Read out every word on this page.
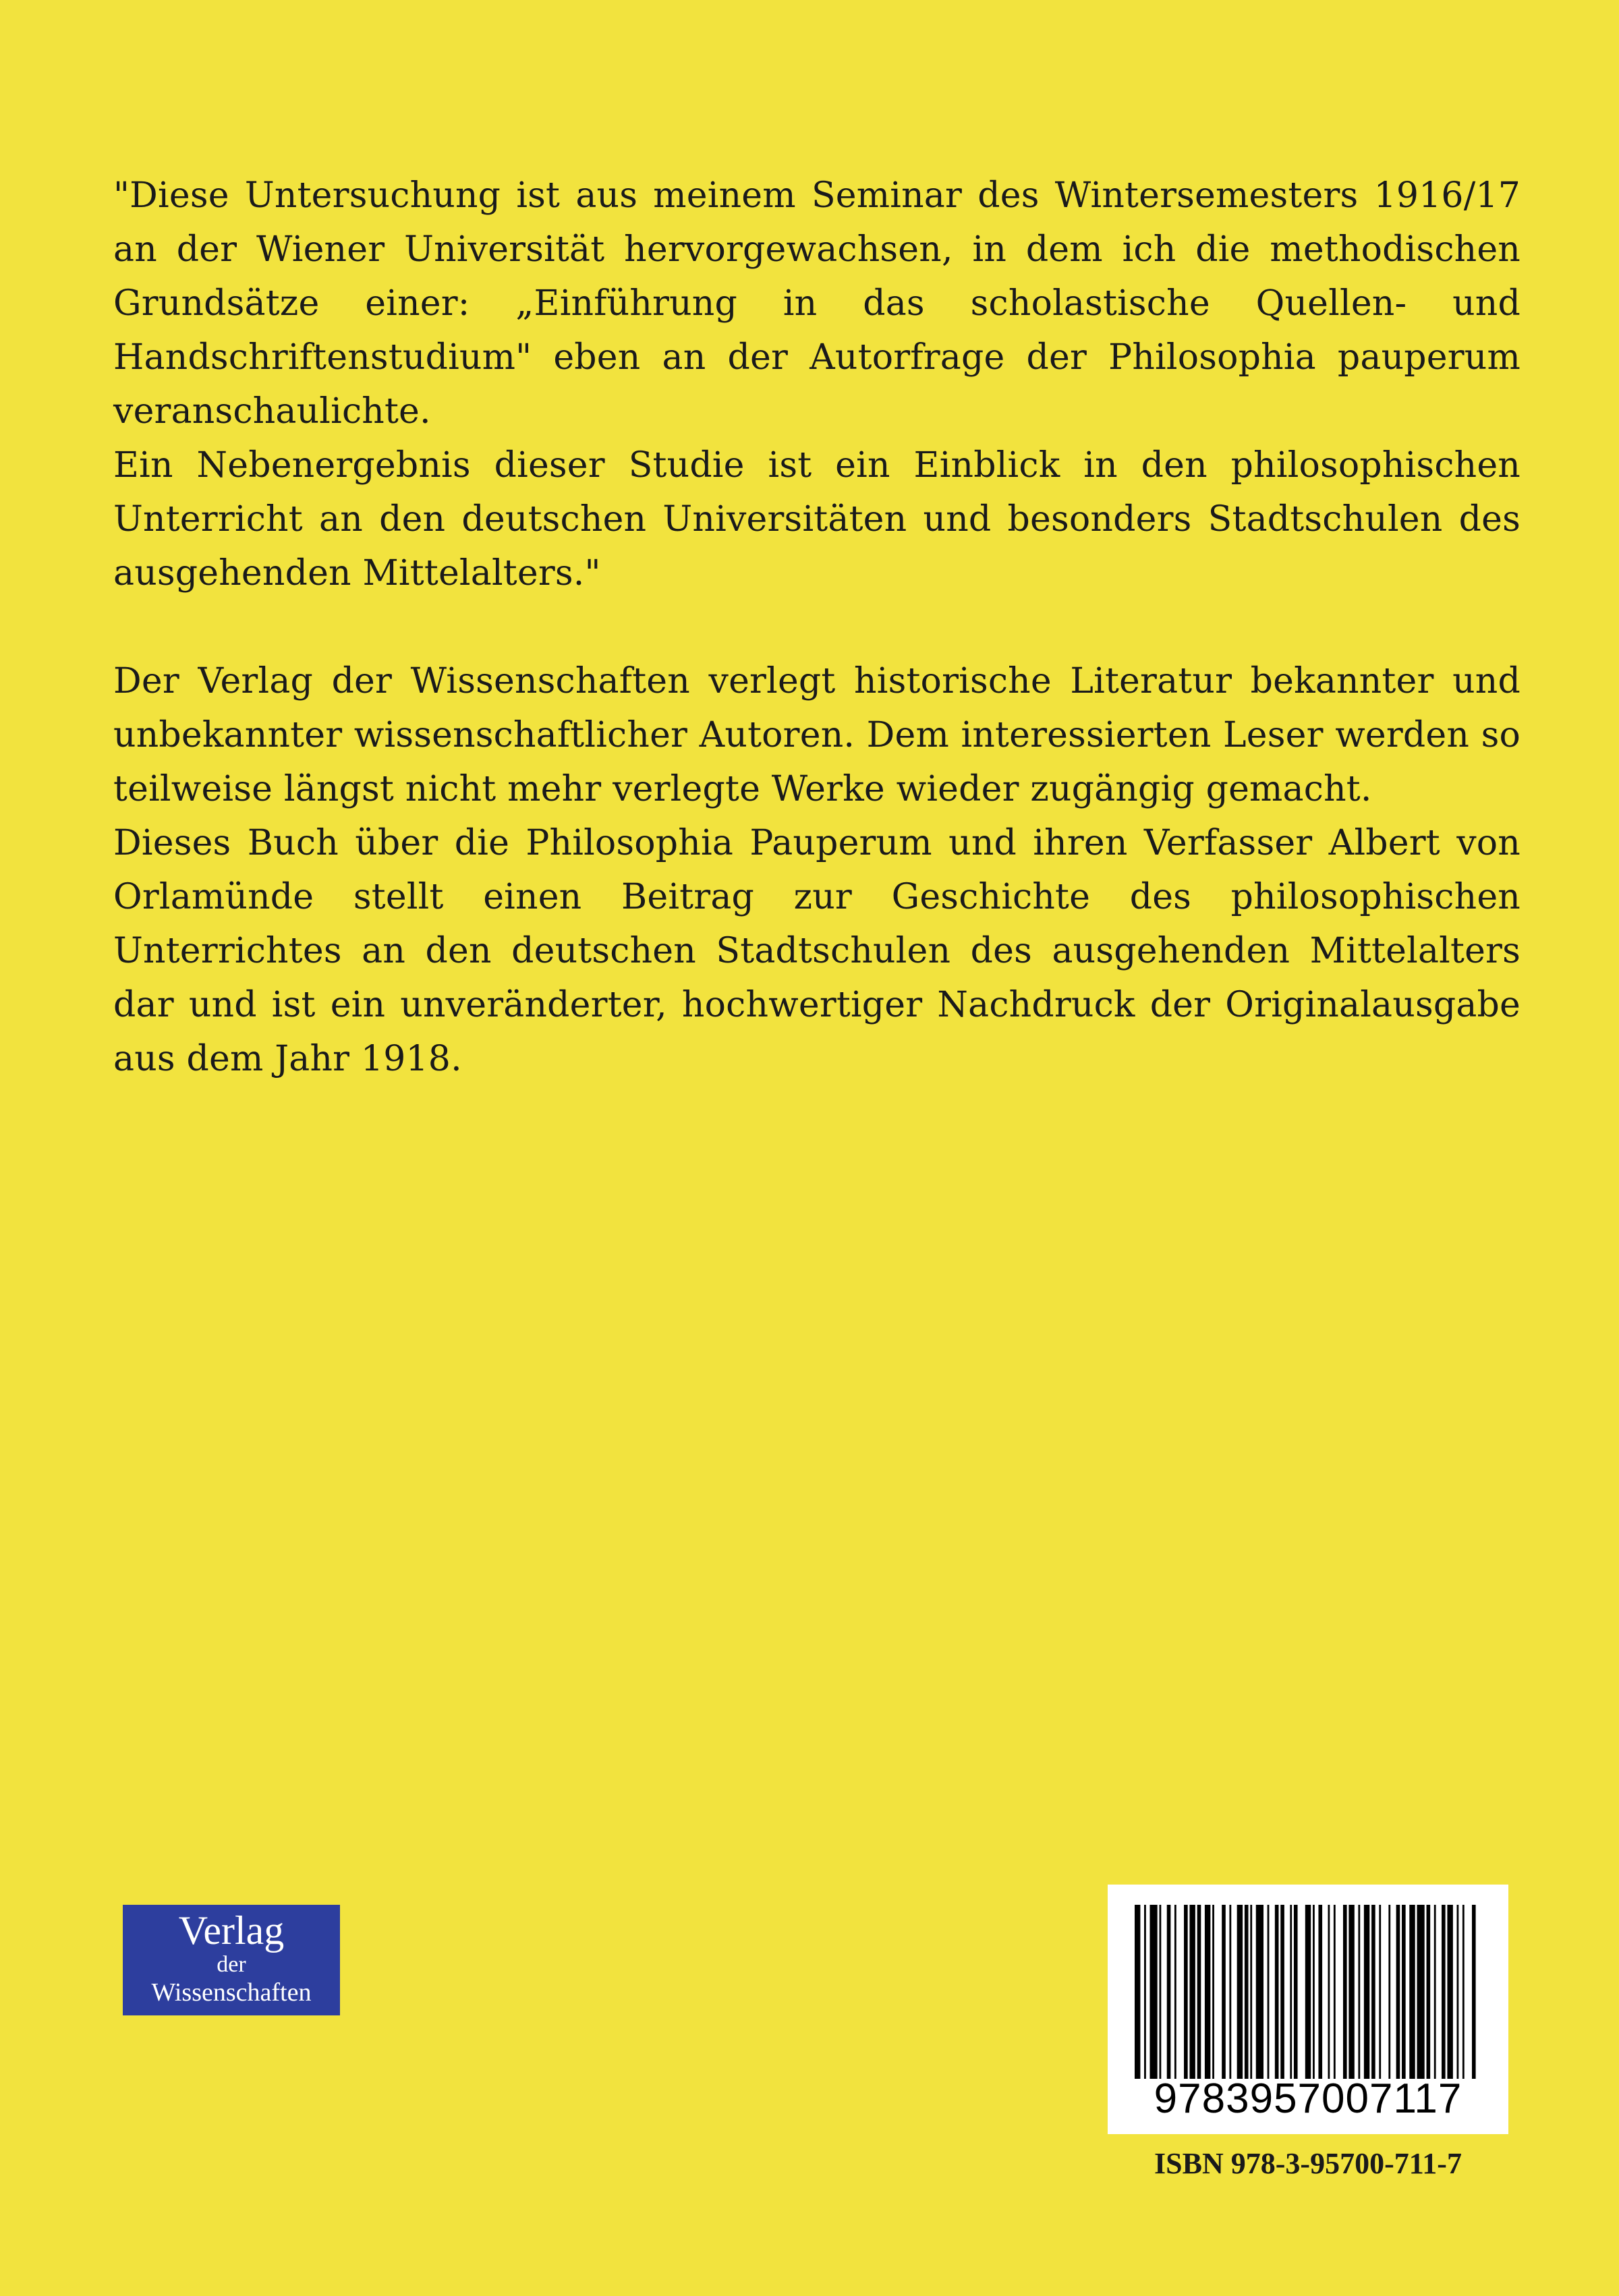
"Diese Untersuchung ist aus meinem Seminar des Wintersemesters 1916/17 an der Wiener Universität hervorgewachsen, in dem ich die methodischen Grundsätze einer: „Einführung in das scholastische Quellen- und Handschriftenstudium" eben an der Autorfrage der Philosophia pauperum veranschaulichte.

Ein Nebenergebnis dieser Studie ist ein Einblick in den philosophischen Unterricht an den deutschen Universitäten und besonders Stadtschulen des ausgehenden Mittelalters."

Der Verlag der Wissenschaften verlegt historische Literatur bekannter und unbekannter wissenschaftlicher Autoren. Dem interessierten Leser werden so teilweise längst nicht mehr verlegte Werke wieder zugängig gemacht.

Dieses Buch über die Philosophia Pauperum und ihren Verfasser Albert von Orlamünde stellt einen Beitrag zur Geschichte des philosophischen Unterrichtes an den deutschen Stadtschulen des ausgehenden Mittelalters dar und ist ein unveränderter, hochwertiger Nachdruck der Originalausgabe aus dem Jahr 1918.

Verlag
der
Wissenschaften
9783957007117
ISBN 978-3-95700-711-7
